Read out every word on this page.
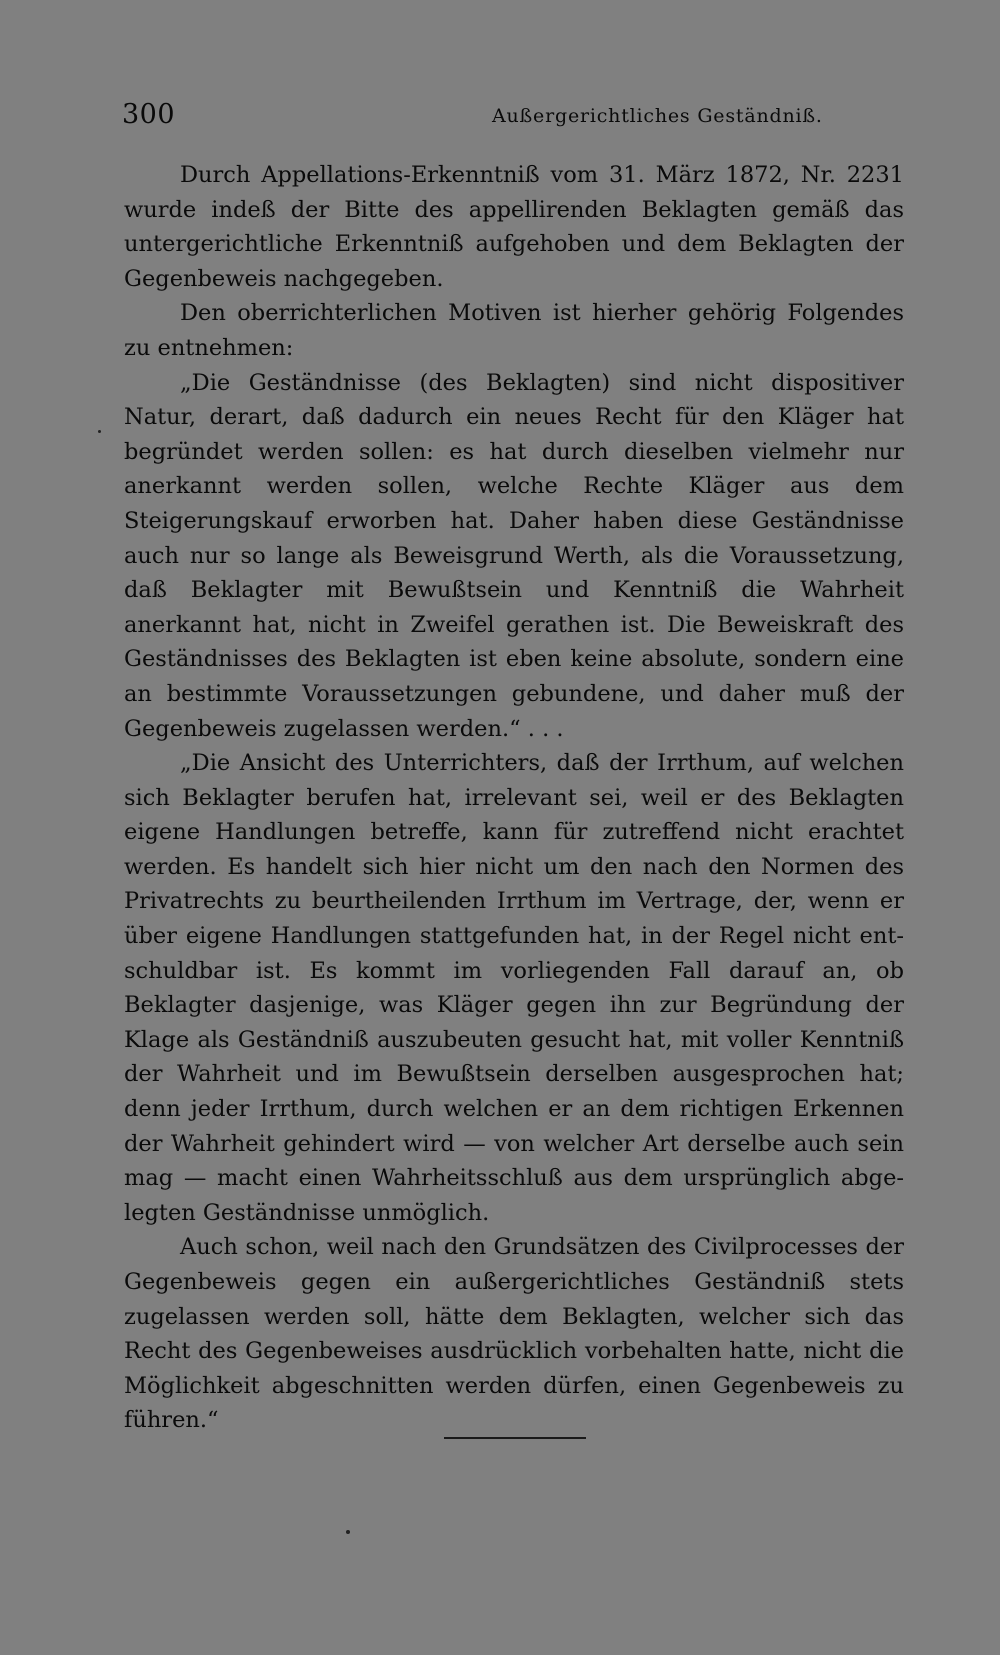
300	Außergerichtliches Geständniß.

Durch Appellations-Erkenntniß vom 31. März 1872, Nr. 2231 wurde indeß der Bitte des appellirenden Beklagten gemäß das untergerichtliche Erkenntniß aufgehoben und dem Beklagten der Gegenbeweis nachgegeben.

Den oberrichterlichen Motiven ist hierher gehörig Folgendes zu entnehmen:

„Die Geständnisse (des Beklagten) sind nicht dispositiver Natur, derart, daß dadurch ein neues Recht für den Kläger hat begründet werden sollen: es hat durch dieselben vielmehr nur anerkannt werden sollen, welche Rechte Kläger aus dem Steigerungskauf erworben hat. Daher haben diese Geständnisse auch nur so lange als Beweisgrund Werth, als die Voraussetzung, daß Beklagter mit Bewußtsein und Kenntniß die Wahrheit anerkannt hat, nicht in Zweifel gerathen ist. Die Beweiskraft des Geständnisses des Beklagten ist eben keine absolute, sondern eine an bestimmte Voraussetzungen gebundene, und daher muß der Gegenbeweis zugelassen werden.“ . . .

„Die Ansicht des Unterrichters, daß der Irrthum, auf welchen sich Beklagter berufen hat, irrelevant sei, weil er des Beklagten eigene Handlungen betreffe, kann für zutreffend nicht erachtet werden. Es handelt sich hier nicht um den nach den Normen des Privatrechts zu beurtheilenden Irrthum im Vertrage, der, wenn er über eigene Handlungen stattgefunden hat, in der Regel nicht entschuldbar ist. Es kommt im vorliegenden Fall darauf an, ob Beklagter dasjenige, was Kläger gegen ihn zur Begründung der Klage als Geständniß auszubeuten gesucht hat, mit voller Kenntniß der Wahrheit und im Bewußtsein derselben ausgesprochen hat; denn jeder Irrthum, durch welchen er an dem richtigen Erkennen der Wahrheit gehindert wird — von welcher Art derselbe auch sein mag — macht einen Wahrheitsschluß aus dem ursprünglich abgelegten Geständnisse unmöglich.

Auch schon, weil nach den Grundsätzen des Civilprocesses der Gegenbeweis gegen ein außergerichtliches Geständniß stets zugelassen werden soll, hätte dem Beklagten, welcher sich das Recht des Gegenbeweises ausdrücklich vorbehalten hatte, nicht die Möglichkeit abgeschnitten werden dürfen, einen Gegenbeweis zu führen.“
